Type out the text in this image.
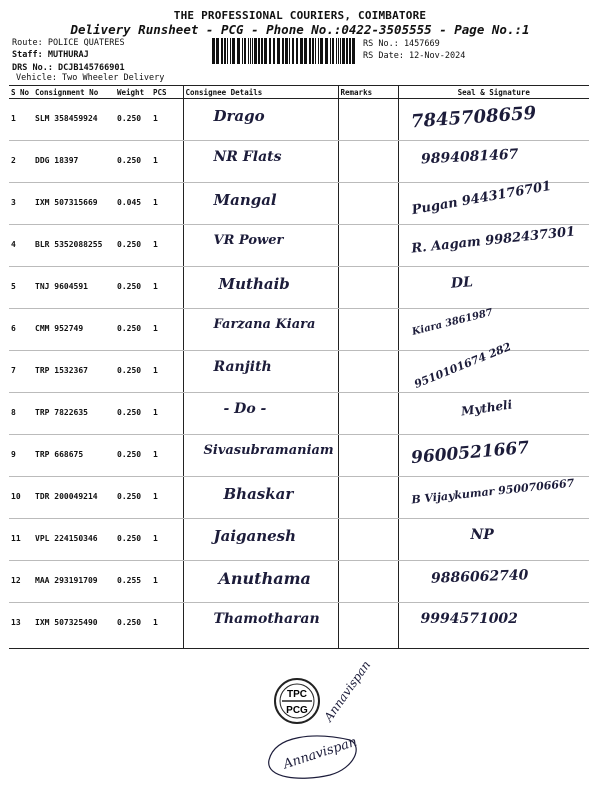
THE PROFESSIONAL COURIERS, COIMBATORE
Delivery Runsheet - PCG - Phone No.:0422-3505555 - Page No.:1
Route: POLICE QUATERES
Staff: MUTHURAJ
DRS No.: DCJB145766901
Vehicle: Two Wheeler Delivery
RS No.: 1457669
RS Date: 12-Nov-2024
S No	Consignment No	Weight	PCS	Consignee Details	Remarks	Seal & Signature
1	SLM 358459924	0.250	1	Drago		7845708659

2	DDG 18397	0.250	1	NR Flats		9894081467

3	IXM 507315669	0.045	1	Mangal		Pugan 9443176701

4	BLR 5352088255	0.250	1	VR Power		R. Aagam 9982437301

5	TNJ 9604591	0.250	1	Muthaib		DL

6	CMM 952749	0.250	1	Farzana Kiara		Kiara 3861987

7	TRP 1532367	0.250	1	Ranjith		9510101674 282

8	TRP 7822635	0.250	1	- Do -		Mytheli

9	TRP 668675	0.250	1	Sivasubramaniam		9600521667

10	TDR 200049214	0.250	1	Bhaskar		B Vijaykumar 9500706667

11	VPL 224150346	0.250	1	Jaiganesh		NP

12	MAA 293191709	0.255	1	Anuthama		9886062740

13	IXM 507325490	0.250	1	Thamotharan		9994571002
TPC
PCG Annavispan
Annavispan
